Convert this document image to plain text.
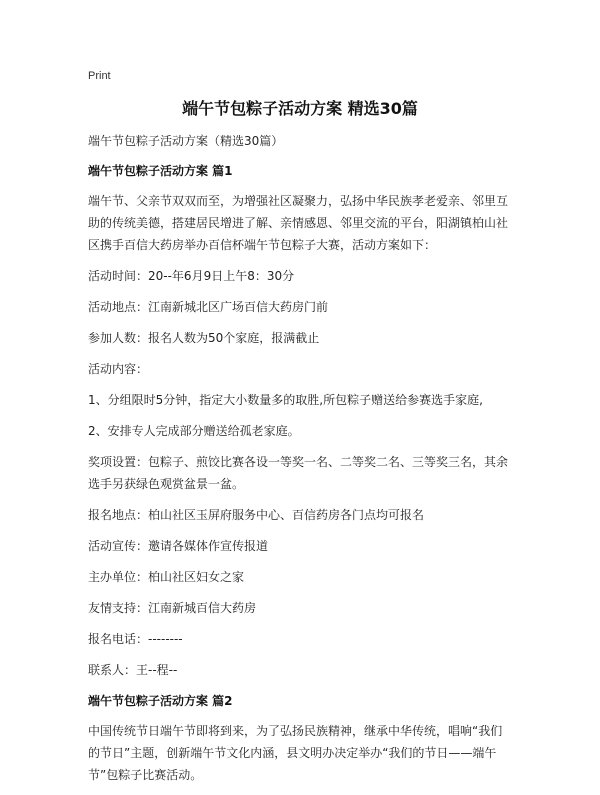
Print
端午节包粽子活动方案 精选30篇

端午节包粽子活动方案（精选30篇）

端午节包粽子活动方案 篇1

端午节、父亲节双双而至，为增强社区凝聚力，弘扬中华民族孝老爱亲、邻里互助的传统美德，搭建居民增进了解、亲情感恩、邻里交流的平台，阳湖镇柏山社区携手百信大药房举办百信杯端午节包粽子大赛，活动方案如下：

活动时间：20--年6月9日上午8：30分

活动地点：江南新城北区广场百信大药房门前

参加人数：报名人数为50个家庭，报满截止

活动内容：

1、分组限时5分钟，指定大小数量多的取胜,所包粽子赠送给参赛选手家庭,

2、安排专人完成部分赠送给孤老家庭。

奖项设置：包粽子、煎饺比赛各设一等奖一名、二等奖二名、三等奖三名，其余选手另获绿色观赏盆景一盆。

报名地点：柏山社区玉屏府服务中心、百信药房各门点均可报名

活动宣传：邀请各媒体作宣传报道

主办单位：柏山社区妇女之家

友情支持：江南新城百信大药房

报名电话：--------

联系人：王--程--

端午节包粽子活动方案 篇2

中国传统节日端午节即将到来，为了弘扬民族精神，继承中华传统，唱响“我们的节日”主题，创新端午节文化内涵，县文明办决定举办“我们的节日——端午节”包粽子比赛活动。
